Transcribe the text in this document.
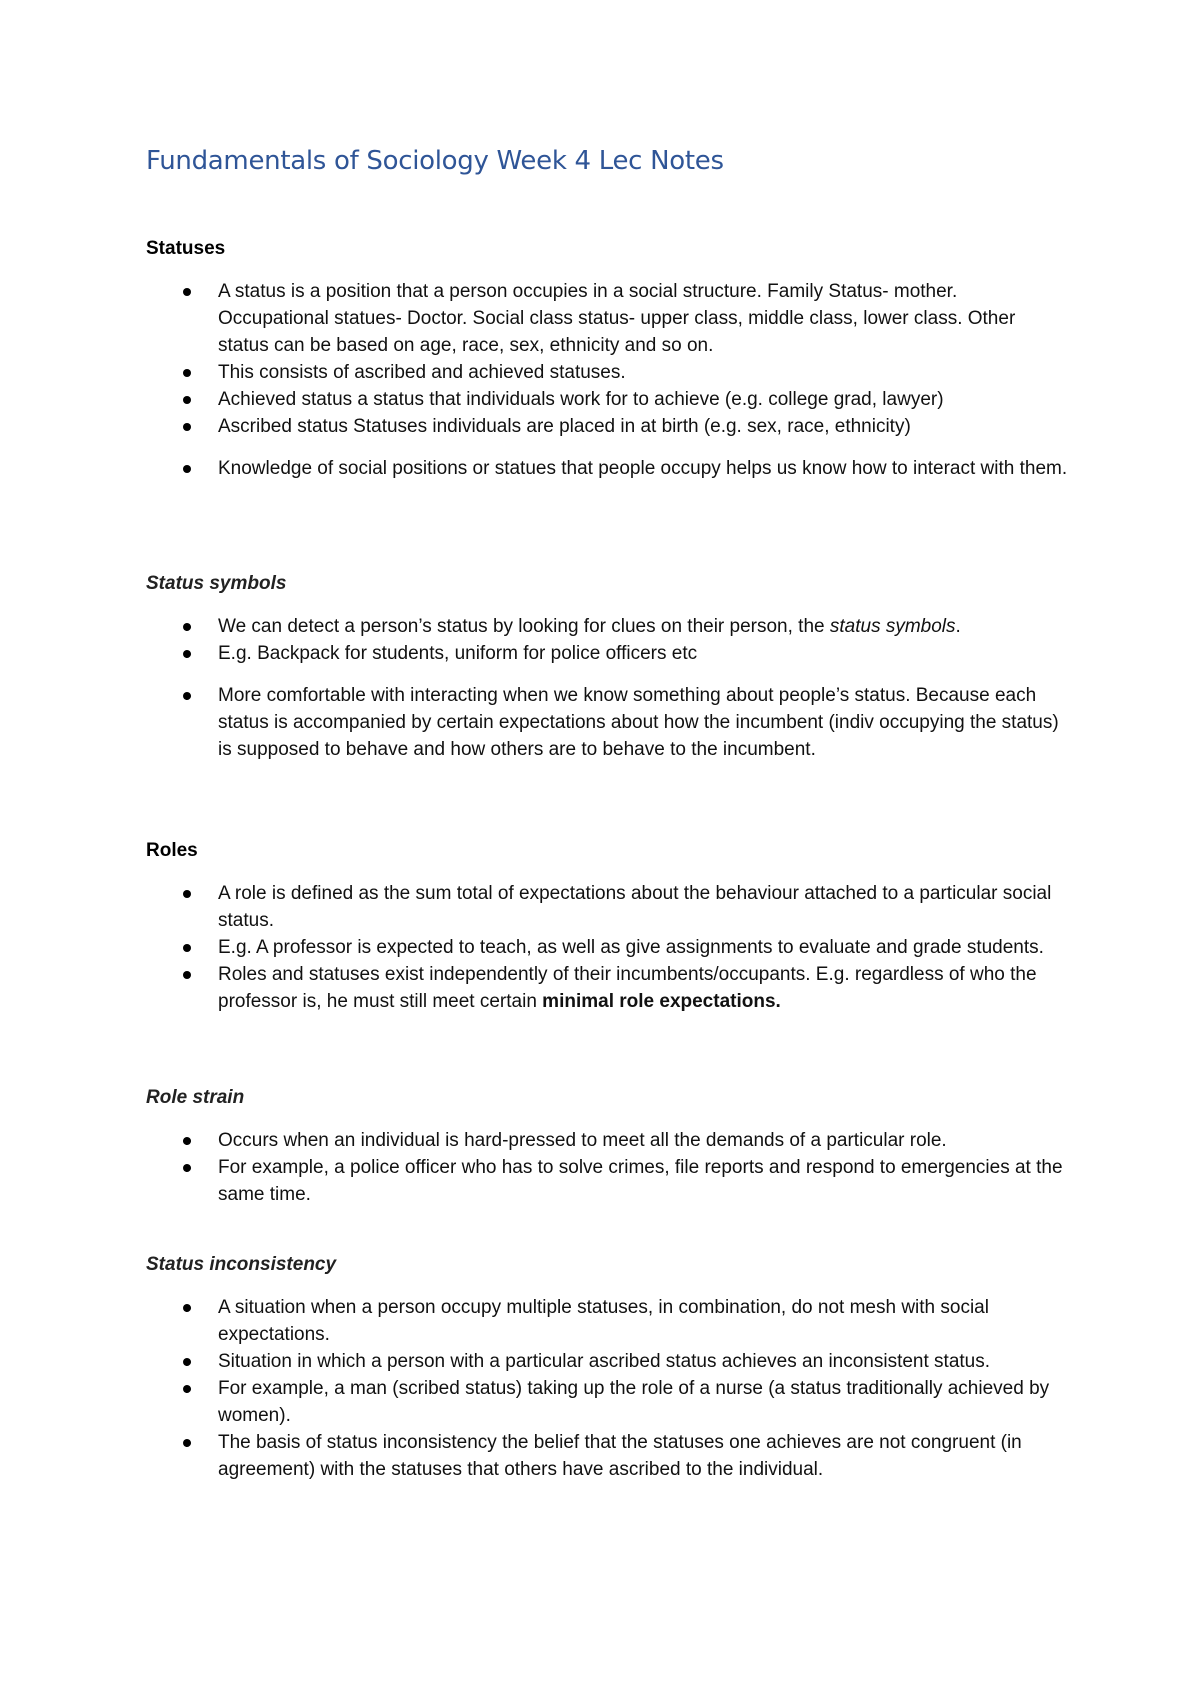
Fundamentals of Sociology Week 4 Lec Notes
Statuses
A status is a position that a person occupies in a social structure. Family Status- mother. Occupational statues- Doctor. Social class status- upper class, middle class, lower class. Other status can be based on age, race, sex, ethnicity and so on.
This consists of ascribed and achieved statuses.
Achieved status a status that individuals work for to achieve (e.g. college grad, lawyer)
Ascribed status Statuses individuals are placed in at birth (e.g. sex, race, ethnicity)
Knowledge of social positions or statues that people occupy helps us know how to interact with them.
Status symbols
We can detect a person’s status by looking for clues on their person, the status symbols.
E.g. Backpack for students, uniform for police officers etc
More comfortable with interacting when we know something about people’s status. Because each status is accompanied by certain expectations about how the incumbent (indiv occupying the status) is supposed to behave and how others are to behave to the incumbent.
Roles
A role is defined as the sum total of expectations about the behaviour attached to a particular social status.
E.g. A professor is expected to teach, as well as give assignments to evaluate and grade students.
Roles and statuses exist independently of their incumbents/occupants. E.g. regardless of who the professor is, he must still meet certain minimal role expectations.
Role strain
Occurs when an individual is hard-pressed to meet all the demands of a particular role.
For example, a police officer who has to solve crimes, file reports and respond to emergencies at the same time.
Status inconsistency
A situation when a person occupy multiple statuses, in combination, do not mesh with social expectations.
Situation in which a person with a particular ascribed status achieves an inconsistent status.
For example, a man (scribed status) taking up the role of a nurse (a status traditionally achieved by women).
The basis of status inconsistency the belief that the statuses one achieves are not congruent (in agreement) with the statuses that others have ascribed to the individual.
